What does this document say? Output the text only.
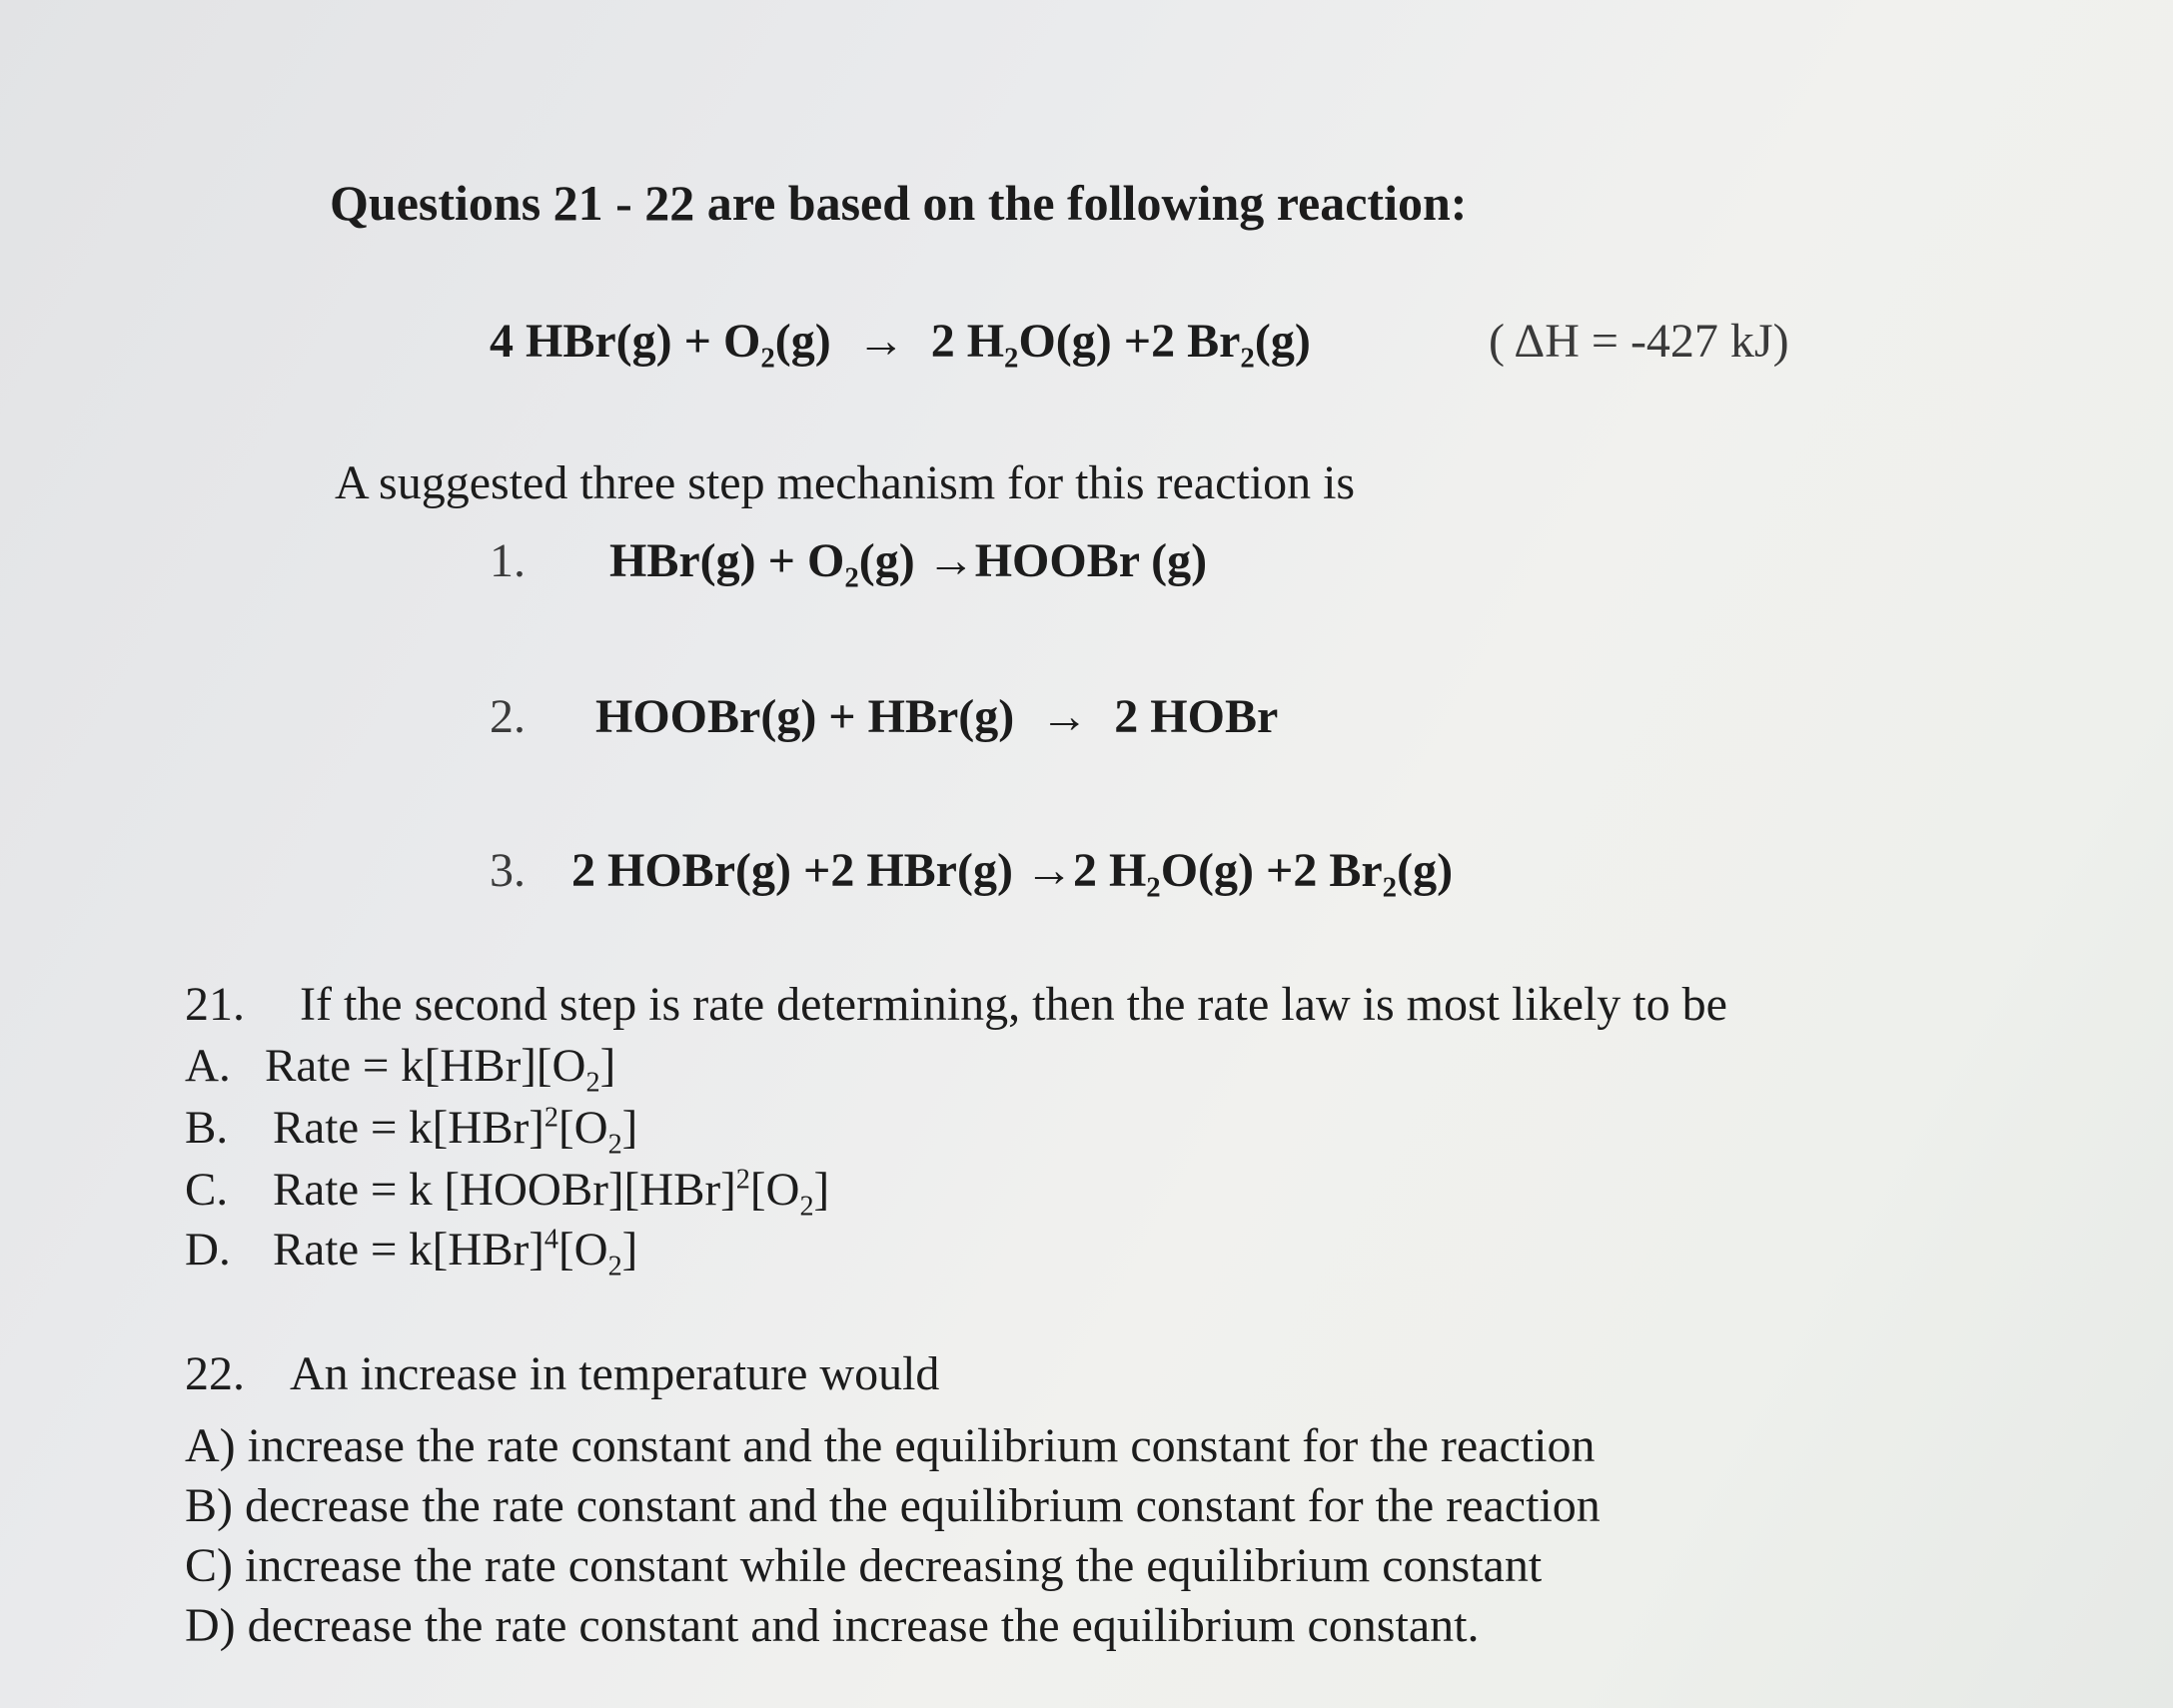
Questions 21 - 22 are based on the following reaction:
4 $HBr(g) + O_2(g) \to 2$ $H_2O(g) +2$ $Br_2(g)$	( ΔH = -427 kJ)
A suggested three step mechanism for this reaction is
1. $HBr(g) + O_2(g)$ →HOOBr (g)
2. HOOBr(g) + HBr(g) → 2 HOBr
3. 2 HOBr(g) +2 HBr(g) →2 $H_2O(g) +2$ $Br_2(g)$
21. If the second step is rate determining, then the rate law is most likely to be
A. Rate = $k[HBr][O_2]$
B. Rate = $k[HBr]^2[O_2]$
C. Rate = k $[HOOBr][HBr]^2[O_2]$
D. Rate = $k[HBr]^4[O_2]$
22. An increase in temperature would
A) increase the rate constant and the equilibrium constant for the reaction
B) decrease the rate constant and the equilibrium constant for the reaction
C) increase the rate constant while decreasing the equilibrium constant
D) decrease the rate constant and increase the equilibrium constant.
